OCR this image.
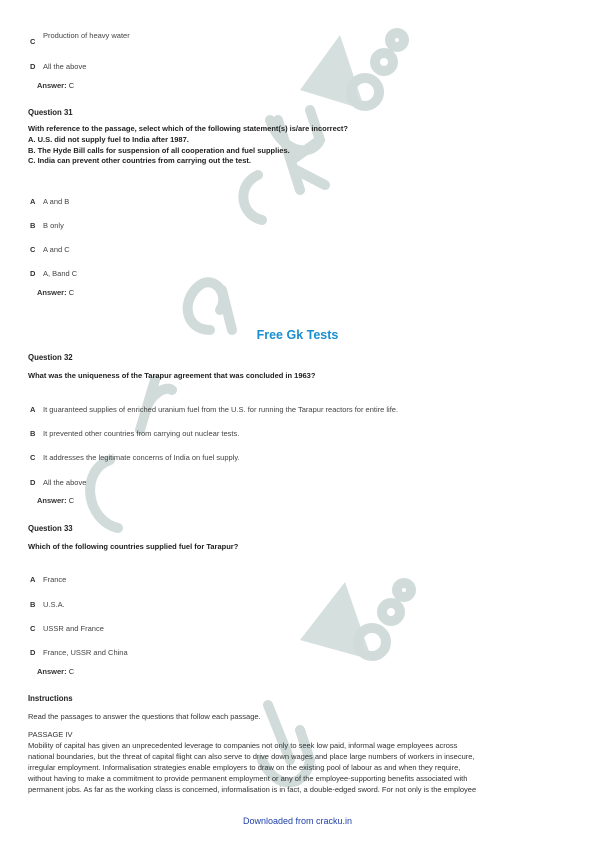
C
Production of heavy water
D All the above
Answer: C
Question 31
With reference to the passage, select which of the following statement(s) is/are incorrect?
A. U.S. did not supply fuel to India after 1987.
B. The Hyde Bill calls for suspension of all cooperation and fuel supplies.
C. India can prevent other countries from carrying out the test.
A A and B
B B only
C A and C
D A, Band C
Answer: C
Free Gk Tests
Question 32
What was the uniqueness of the Tarapur agreement that was concluded in 1963?
A It guaranteed supplies of enriched uranium fuel from the U.S. for running the Tarapur reactors for entire life.
B It prevented other countries from carrying out nuclear tests.
C It addresses the legitimate concerns of India on fuel supply.
D All the above
Answer: C
Question 33
Which of the following countries supplied fuel for Tarapur?
A France
B U.S.A.
C USSR and France
D France, USSR and China
Answer: C
Instructions
Read the passages to answer the questions that follow each passage.
PASSAGE IV
Mobility of capital has given an unprecedented leverage to companies not only to seek low paid, informal wage employees across
national boundaries, but the threat of capital flight can also serve to drive down wages and place large numbers of workers in insecure,
irregular employment. Informalisation strategies enable employers to draw on the existing pool of labour as and when they require,
without having to make a commitment to provide permanent employment or any of the employee-supporting benefits associated with
permanent jobs. As far as the working class is concerned, informalisation is in fact, a double-edged sword. For not only is the employee
Downloaded from cracku.in
